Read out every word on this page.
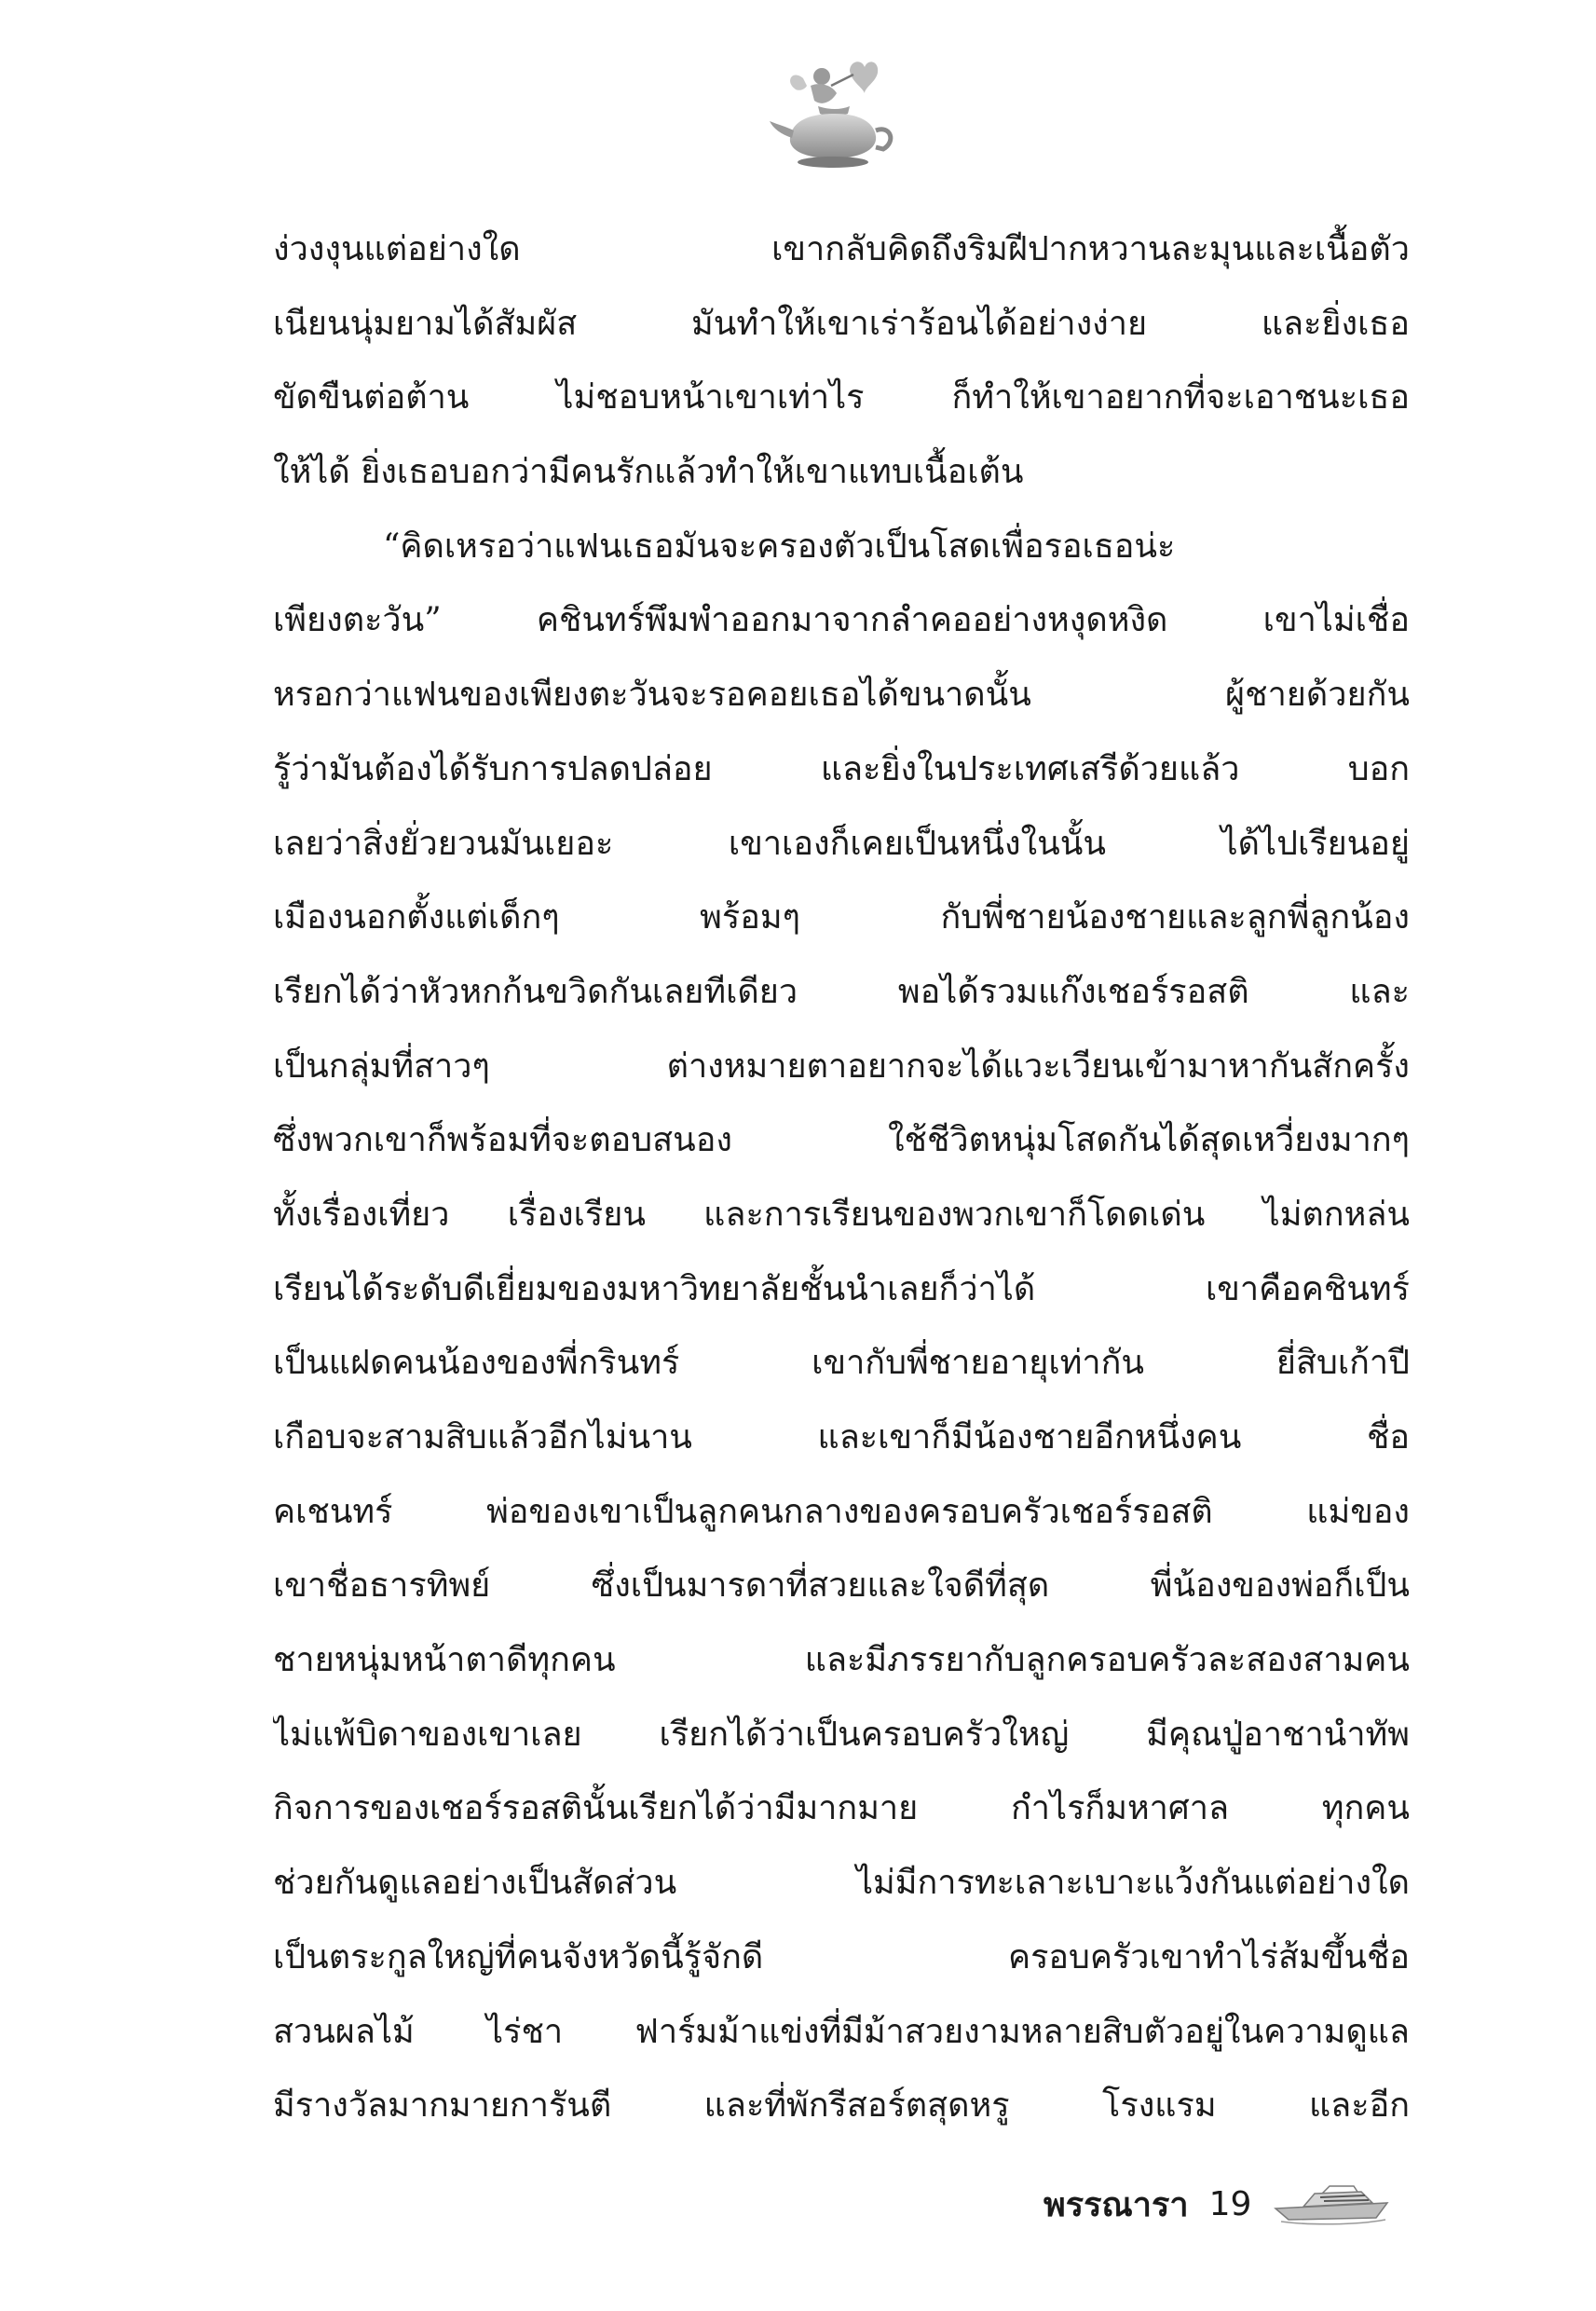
ง่วงงุนแต่อย่างใด เขากลับคิดถึงริมฝีปากหวานละมุนและเนื้อตัว
เนียนนุ่มยามได้สัมผัส มันทำให้เขาเร่าร้อนได้อย่างง่าย และยิ่งเธอ
ขัดขืนต่อต้าน ไม่ชอบหน้าเขาเท่าไร ก็ทำให้เขาอยากที่จะเอาชนะเธอ
ให้ได้ ยิ่งเธอบอกว่ามีคนรักแล้วทำให้เขาแทบเนื้อเต้น
“คิดเหรอว่าแฟนเธอมันจะครองตัวเป็นโสดเพื่อรอเธอน่ะ
เพียงตะวัน” คชินทร์พึมพำออกมาจากลำคออย่างหงุดหงิด เขาไม่เชื่อ
หรอกว่าแฟนของเพียงตะวันจะรอคอยเธอได้ขนาดนั้น ผู้ชายด้วยกัน
รู้ว่ามันต้องได้รับการปลดปล่อย และยิ่งในประเทศเสรีด้วยแล้ว บอก
เลยว่าสิ่งยั่วยวนมันเยอะ เขาเองก็เคยเป็นหนึ่งในนั้น ได้ไปเรียนอยู่
เมืองนอกตั้งแต่เด็กๆ พร้อมๆ กับพี่ชายน้องชายและลูกพี่ลูกน้อง
เรียกได้ว่าหัวหกก้นขวิดกันเลยทีเดียว พอได้รวมแก๊งเชอร์รอสติ และ
เป็นกลุ่มที่สาวๆ ต่างหมายตาอยากจะได้แวะเวียนเข้ามาหากันสักครั้ง
ซึ่งพวกเขาก็พร้อมที่จะตอบสนอง ใช้ชีวิตหนุ่มโสดกันได้สุดเหวี่ยงมากๆ
ทั้งเรื่องเที่ยว เรื่องเรียน และการเรียนของพวกเขาก็โดดเด่น ไม่ตกหล่น
เรียนได้ระดับดีเยี่ยมของมหาวิทยาลัยชั้นนำเลยก็ว่าได้ เขาคือคชินทร์
เป็นแฝดคนน้องของพี่กรินทร์ เขากับพี่ชายอายุเท่ากัน ยี่สิบเก้าปี
เกือบจะสามสิบแล้วอีกไม่นาน และเขาก็มีน้องชายอีกหนึ่งคน ชื่อ
คเชนทร์ พ่อของเขาเป็นลูกคนกลางของครอบครัวเชอร์รอสติ แม่ของ
เขาชื่อธารทิพย์ ซึ่งเป็นมารดาที่สวยและใจดีที่สุด พี่น้องของพ่อก็เป็น
ชายหนุ่มหน้าตาดีทุกคน และมีภรรยากับลูกครอบครัวละสองสามคน
ไม่แพ้บิดาของเขาเลย เรียกได้ว่าเป็นครอบครัวใหญ่ มีคุณปู่อาชานำทัพ
กิจการของเชอร์รอสตินั้นเรียกได้ว่ามีมากมาย กำไรก็มหาศาล ทุกคน
ช่วยกันดูแลอย่างเป็นสัดส่วน ไม่มีการทะเลาะเบาะแว้งกันแต่อย่างใด
เป็นตระกูลใหญ่ที่คนจังหวัดนี้รู้จักดี ครอบครัวเขาทำไร่ส้มขึ้นชื่อ
สวนผลไม้ ไร่ชา ฟาร์มม้าแข่งที่มีม้าสวยงามหลายสิบตัวอยู่ในความดูแล
มีรางวัลมากมายการันตี และที่พักรีสอร์ตสุดหรู โรงแรม และอีก
พรรณารา 19
